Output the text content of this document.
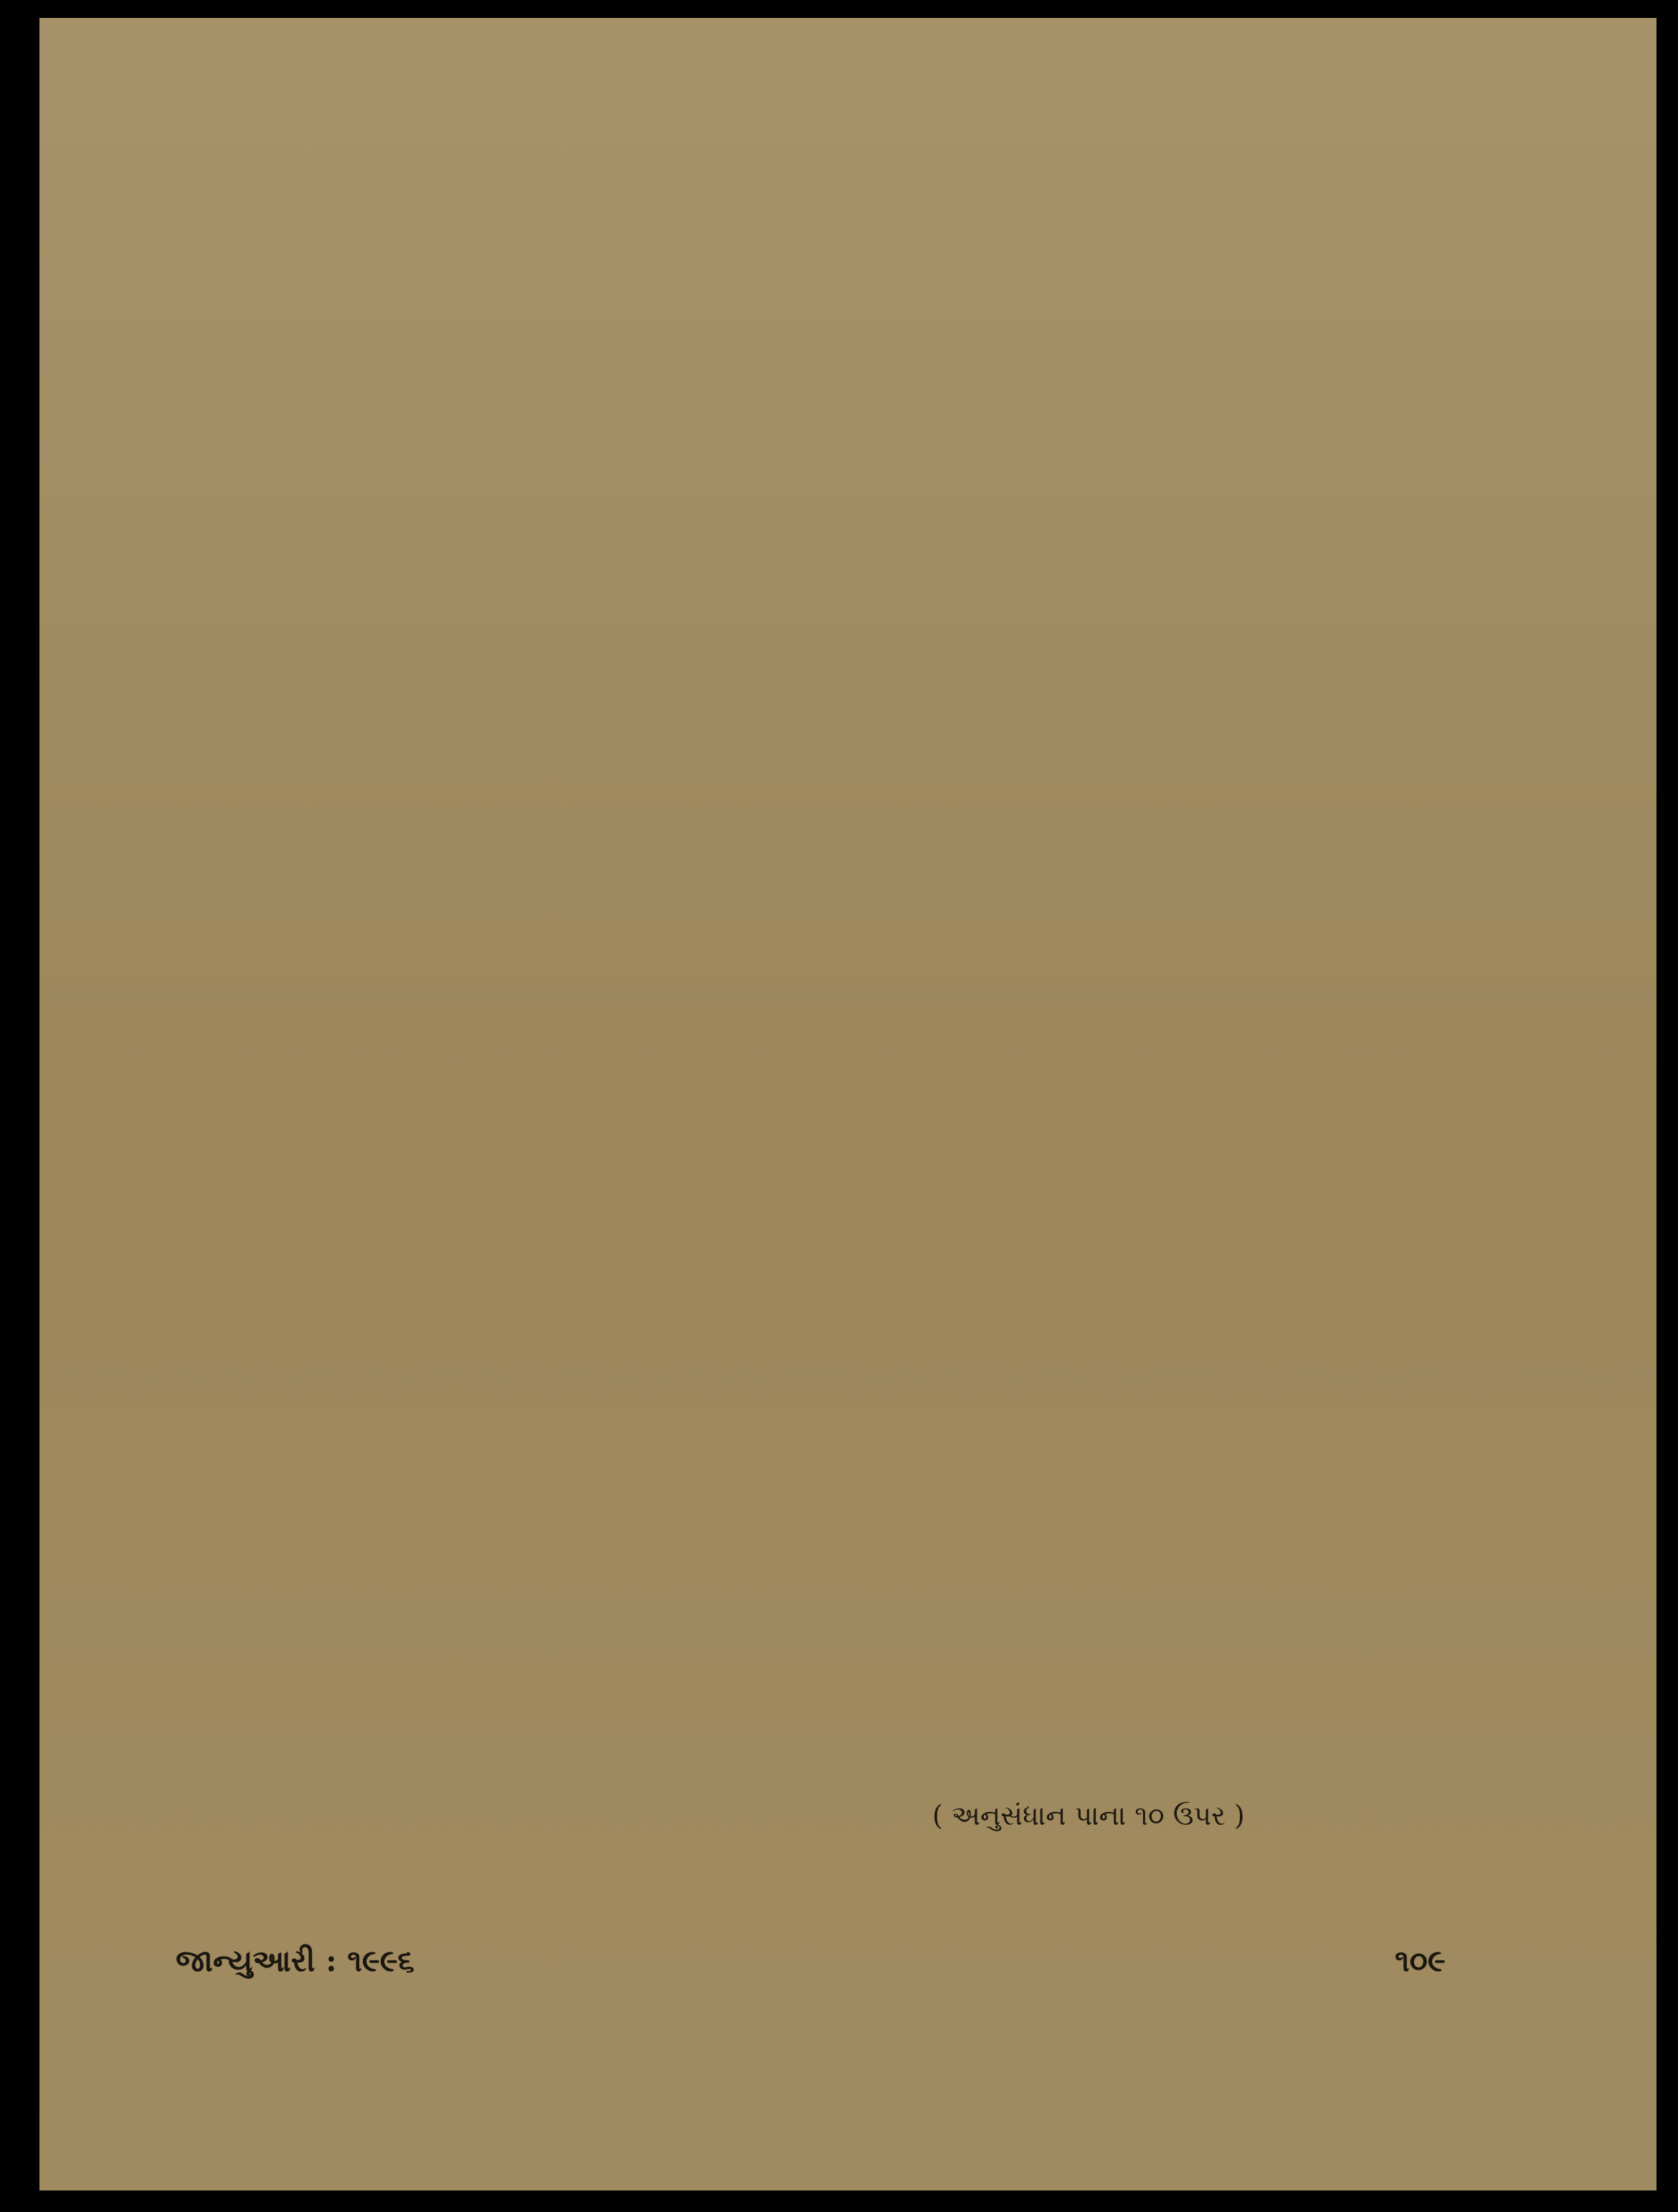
( અનુસંધાન પાના ૧૦ ઉપર )
જાન્યુઆરી : ૧૯૯૬	૧૦૯
